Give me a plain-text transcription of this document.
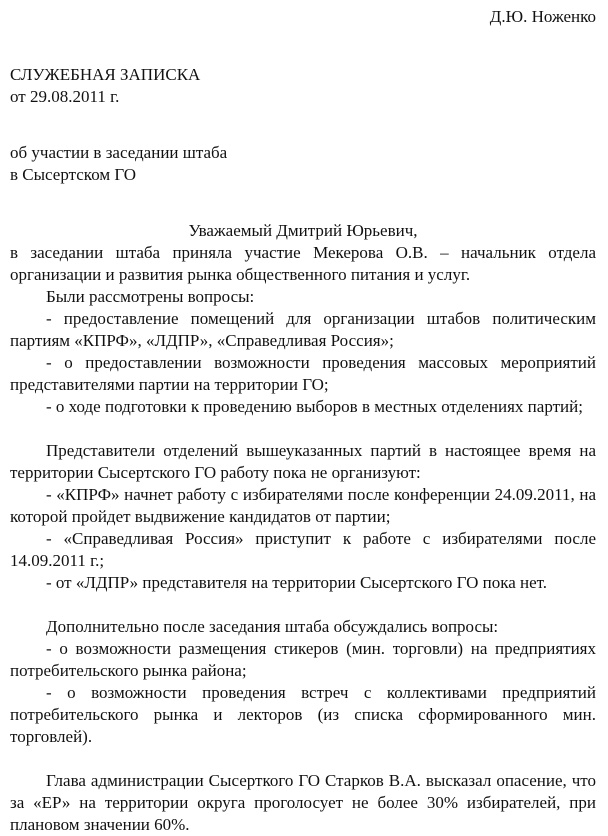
Д.Ю. Ноженко
СЛУЖЕБНАЯ ЗАПИСКА
от 29.08.2011 г.
об участии в заседании штаба
в Сысертском ГО

Уважаемый Дмитрий Юрьевич,

в заседании штаба приняла участие Мекерова О.В. – начальник отдела организации и развития рынка общественного питания и услуг.

Были рассмотрены вопросы:

- предоставление помещений для организации штабов политическим партиям «КПРФ», «ЛДПР», «Справедливая Россия»;

- о предоставлении возможности проведения массовых мероприятий представителями партии на территории ГО;

- о ходе подготовки к проведению выборов в местных отделениях партий;

Представители отделений вышеуказанных партий в настоящее время на территории Сысертского ГО работу пока не организуют:

- «КПРФ» начнет работу с избирателями после конференции 24.09.2011, на которой пройдет выдвижение кандидатов от партии;

- «Справедливая Россия» приступит к работе с избирателями после 14.09.2011 г.;

- от «ЛДПР» представителя на территории Сысертского ГО пока нет.

Дополнительно после заседания штаба обсуждались вопросы:

- о возможности размещения стикеров (мин. торговли) на предприятиях потребительского рынка района;

- о возможности проведения встреч с коллективами предприятий потребительского рынка и лекторов (из списка сформированного мин. торговлей).

Глава администрации Сысерткого ГО Старков В.А. высказал опасение, что за «ЕР» на территории округа проголосует не более 30% избирателей, при плановом значении 60%.
